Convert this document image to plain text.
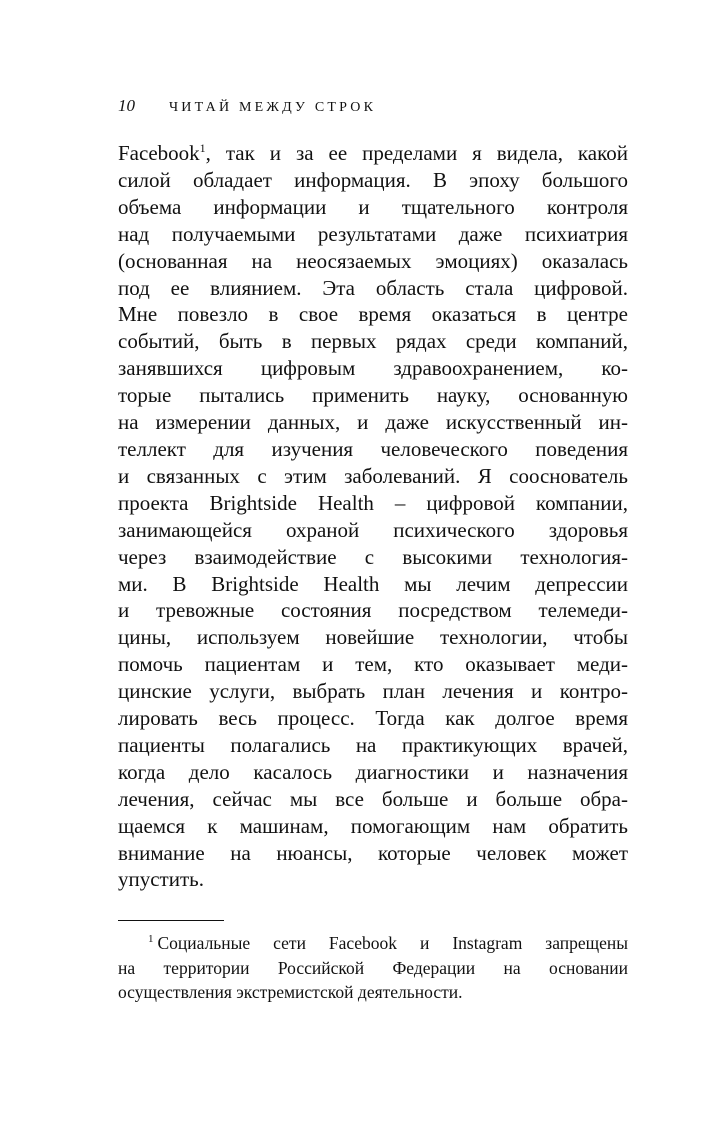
10 ЧИТАЙ МЕЖДУ СТРОК
Facebook$^1$, так и за ее пределами я видела, какой
силой обладает информация. В эпоху большого
объема информации и тщательного контроля
над получаемыми результатами даже психиатрия
(основанная на неосязаемых эмоциях) оказалась
под ее влиянием. Эта область стала цифровой.
Мне повезло в свое время оказаться в центре
событий, быть в первых рядах среди компаний,
занявшихся цифровым здравоохранением, ко-
торые пытались применить науку, основанную
на измерении данных, и даже искусственный ин-
теллект для изучения человеческого поведения
и связанных с этим заболеваний. Я сооснователь
проекта Brightside Health – цифровой компании,
занимающейся охраной психического здоровья
через взаимодействие с высокими технология-
ми. В Brightside Health мы лечим депрессии
и тревожные состояния посредством телемеди-
цины, используем новейшие технологии, чтобы
помочь пациентам и тем, кто оказывает меди-
цинские услуги, выбрать план лечения и контро-
лировать весь процесс. Тогда как долгое время
пациенты полагались на практикующих врачей,
когда дело касалось диагностики и назначения
лечения, сейчас мы все больше и больше обра-
щаемся к машинам, помогающим нам обратить
внимание на нюансы, которые человек может
упустить.
$^1$ Социальные сети Facebook и Instagram запрещены
на территории Российской Федерации на основании
осуществления экстремистской деятельности.
